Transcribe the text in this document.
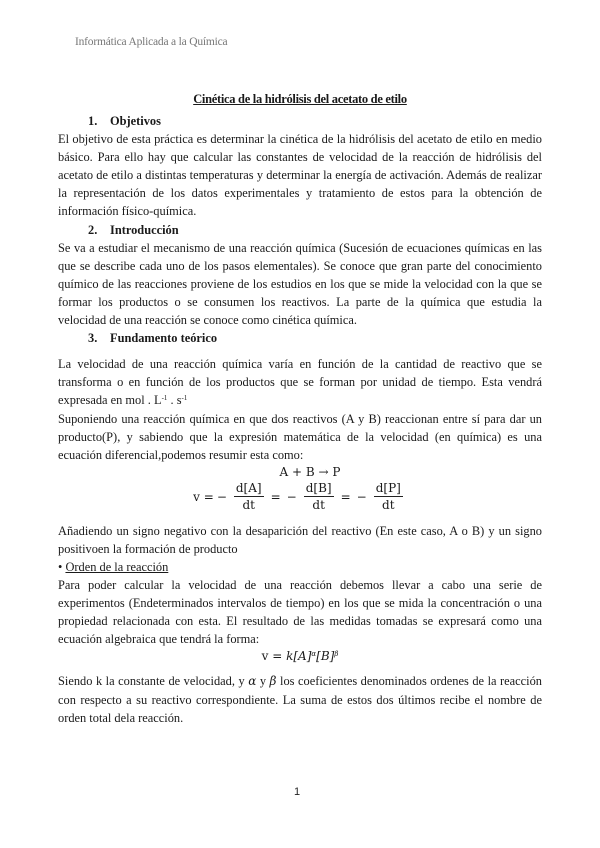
Informática Aplicada a la Química
Cinética de la hidrólisis del acetato de etilo
1. Objetivos

El objetivo de esta práctica es determinar la cinética de la hidrólisis del acetato de etilo en medio básico. Para ello hay que calcular las constantes de velocidad de la reacción de hidrólisis del acetato de etilo a distintas temperaturas y determinar la energía de activación. Además de realizar la representación de los datos experimentales y tratamiento de estos para la obtención de información físico-química.

2. Introducción

Se va a estudiar el mecanismo de una reacción química (Sucesión de ecuaciones químicas en las que se describe cada uno de los pasos elementales). Se conoce que gran parte del conocimiento químico de las reacciones proviene de los estudios en los que se mide la velocidad con la que se formar los productos o se consumen los reactivos. La parte de la química que estudia la velocidad de una reacción se conoce como cinética química.

3. Fundamento teórico

La velocidad de una reacción química varía en función de la cantidad de reactivo que se transforma o en función de los productos que se forman por unidad de tiempo. Esta vendrá expresada en mol . $L^{-1}$ . $s^{-1}$

Suponiendo una reacción química en que dos reactivos (A y B) reaccionan entre sí para dar un producto(P), y sabiendo que la expresión matemática de la velocidad (en química) es una ecuación diferencial,podemos resumir esta como:

A + B → P
v = − $\frac{d[A]}{dt}$ = − $\frac{d[B]}{dt}$ = − $\frac{d[P]}{dt}$

Añadiendo un signo negativo con la desaparición del reactivo (En este caso, A o B) y un signo positivoen la formación de producto

• Orden de la reacción

Para poder calcular la velocidad de una reacción debemos llevar a cabo una serie de experimentos (Endeterminados intervalos de tiempo) en los que se mida la concentración o una propiedad relacionada con esta. El resultado de las medidas tomadas se expresará como una ecuación algebraica que tendrá la forma:

$v = k[A]^\alpha[B]^\beta$

Siendo k la constante de velocidad, y α y β los coeficientes denominados ordenes de la reacción con respecto a su reactivo correspondiente. La suma de estos dos últimos recibe el nombre de orden total dela reacción.

1
